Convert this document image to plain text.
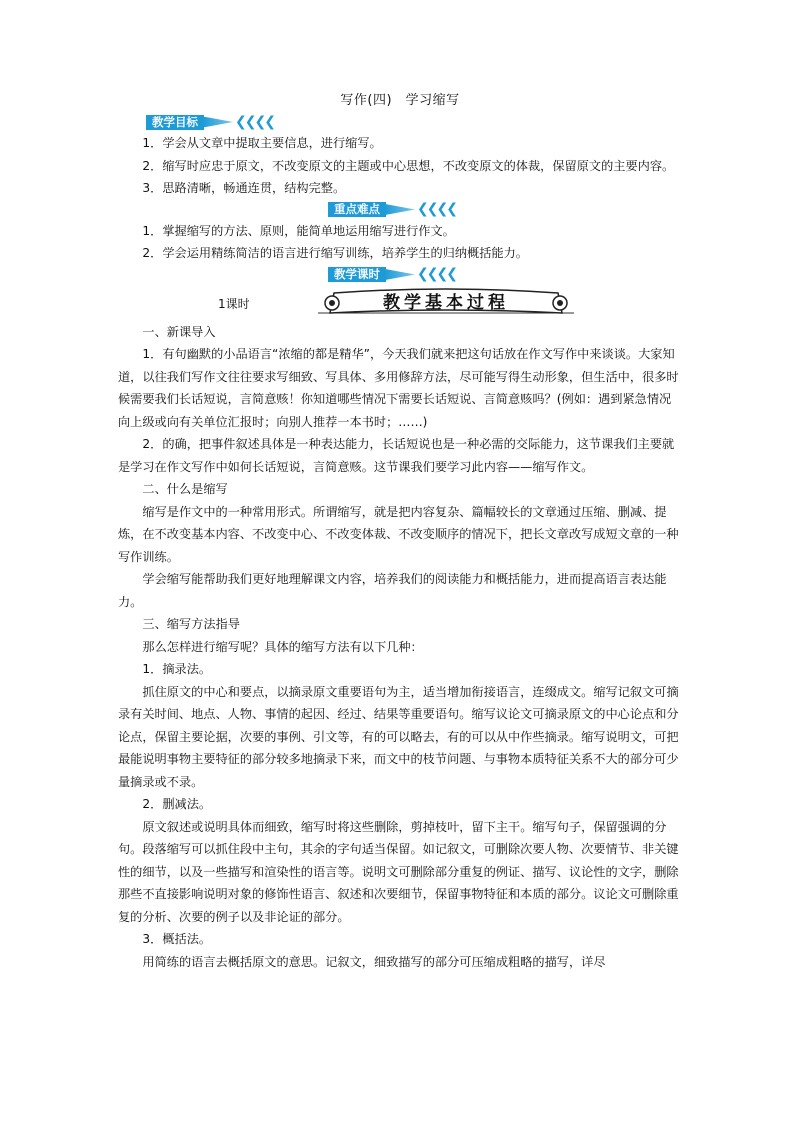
写作(四)　学习缩写
教学目标	❮❮❮❮

1．学会从文章中提取主要信息，进行缩写。

2．缩写时应忠于原文，不改变原文的主题或中心思想，不改变原文的体裁，保留原文的主要内容。

3．思路清晰，畅通连贯，结构完整。

重点难点	❮❮❮❮

1．掌握缩写的方法、原则，能简单地运用缩写进行作文。

2．学会运用精练简洁的语言进行缩写训练，培养学生的归纳概括能力。

教学课时	❮❮❮❮
1课时	教学基本过程

一、新课导入

1．有句幽默的小品语言“浓缩的都是精华”，今天我们就来把这句话放在作文写作中来谈谈。大家知道，以往我们写作文往往要求写细致、写具体、多用修辞方法，尽可能写得生动形象，但生活中，很多时候需要我们长话短说，言简意赅！你知道哪些情况下需要长话短说、言简意赅吗？(例如：遇到紧急情况向上级或向有关单位汇报时；向别人推荐一本书时；……)

2．的确，把事件叙述具体是一种表达能力，长话短说也是一种必需的交际能力，这节课我们主要就是学习在作文写作中如何长话短说，言简意赅。这节课我们要学习此内容——缩写作文。

二、什么是缩写

缩写是作文中的一种常用形式。所谓缩写，就是把内容复杂、篇幅较长的文章通过压缩、删减、提炼，在不改变基本内容、不改变中心、不改变体裁、不改变顺序的情况下，把长文章改写成短文章的一种写作训练。

学会缩写能帮助我们更好地理解课文内容，培养我们的阅读能力和概括能力，进而提高语言表达能力。

三、缩写方法指导

那么怎样进行缩写呢？具体的缩写方法有以下几种：

1．摘录法。

抓住原文的中心和要点，以摘录原文重要语句为主，适当增加衔接语言，连缀成文。缩写记叙文可摘录有关时间、地点、人物、事情的起因、经过、结果等重要语句。缩写议论文可摘录原文的中心论点和分论点，保留主要论据，次要的事例、引文等，有的可以略去，有的可以从中作些摘录。缩写说明文，可把最能说明事物主要特征的部分较多地摘录下来，而文中的枝节问题、与事物本质特征关系不大的部分可少量摘录或不录。

2．删减法。

原文叙述或说明具体而细致，缩写时将这些删除，剪掉枝叶，留下主干。缩写句子，保留强调的分句。段落缩写可以抓住段中主句，其余的字句适当保留。如记叙文，可删除次要人物、次要情节、非关键性的细节，以及一些描写和渲染性的语言等。说明文可删除部分重复的例证、描写、议论性的文字，删除那些不直接影响说明对象的修饰性语言、叙述和次要细节，保留事物特征和本质的部分。议论文可删除重复的分析、次要的例子以及非论证的部分。

3．概括法。

用简练的语言去概括原文的意思。记叙文，细致描写的部分可压缩成粗略的描写，详尽
